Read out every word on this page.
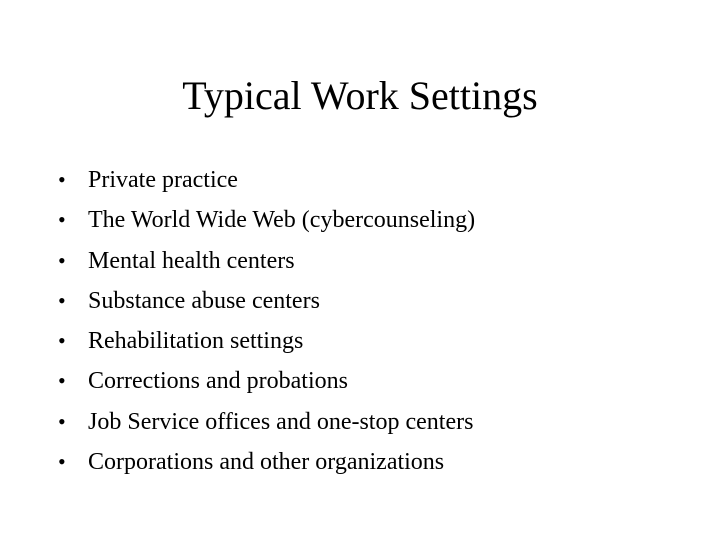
Typical Work Settings
• Private practice
• The World Wide Web (cybercounseling)
• Mental health centers
• Substance abuse centers
• Rehabilitation settings
• Corrections and probations
• Job Service offices and one-stop centers
• Corporations and other organizations
